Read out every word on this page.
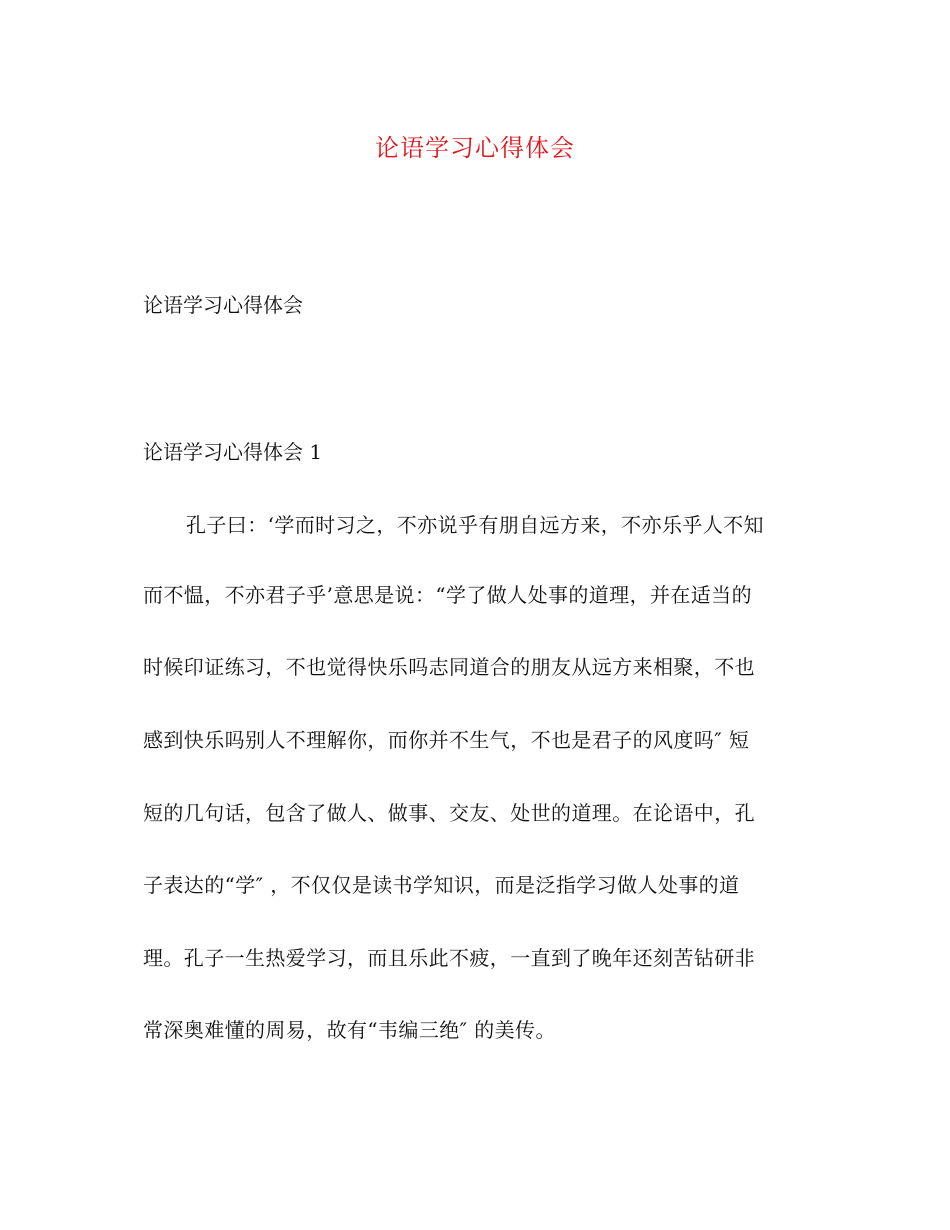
论语学习心得体会
论语学习心得体会
论语学习心得体会 1
孔子曰：‘学而时习之，不亦说乎有朋自远方来，不亦乐乎人不知
而不愠，不亦君子乎’意思是说：“学了做人处事的道理，并在适当的
时候印证练习，不也觉得快乐吗志同道合的朋友从远方来相聚，不也
感到快乐吗别人不理解你，而你并不生气，不也是君子的风度吗″ 短
短的几句话，包含了做人、做事、交友、处世的道理。在论语中，孔
子表达的“学″ ，不仅仅是读书学知识，而是泛指学习做人处事的道
理。孔子一生热爱学习，而且乐此不疲，一直到了晚年还刻苦钻研非
常深奥难懂的周易，故有“韦编三绝″ 的美传。
